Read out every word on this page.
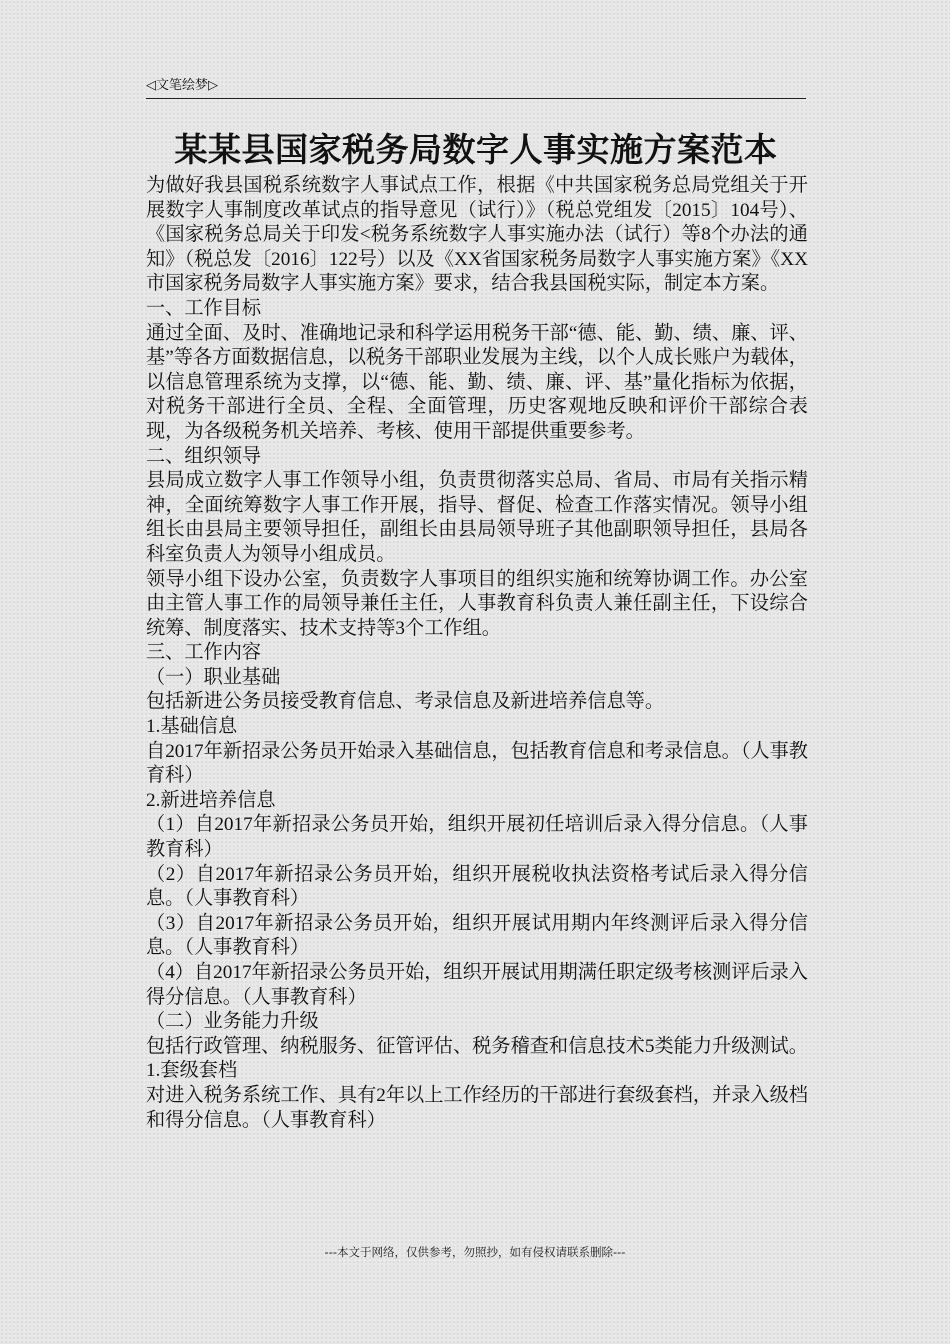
◁文笔绘梦▷
某某县国家税务局数字人事实施方案范本

为做好我县国税系统数字人事试点工作，根据《中共国家税务总局党组关于开展数字人事制度改革试点的指导意见（试行）》（税总党组发〔2015〕104号）、《国家税务总局关于印发<税务系统数字人事实施办法（试行）等8个办法的通知》（税总发〔2016〕122号）以及《XX省国家税务局数字人事实施方案》《XX市国家税务局数字人事实施方案》要求，结合我县国税实际，制定本方案。

一、工作目标

通过全面、及时、准确地记录和科学运用税务干部“德、能、勤、绩、廉、评、基”等各方面数据信息，以税务干部职业发展为主线，以个人成长账户为载体，以信息管理系统为支撑，以“德、能、勤、绩、廉、评、基”量化指标为依据，对税务干部进行全员、全程、全面管理，历史客观地反映和评价干部综合表现，为各级税务机关培养、考核、使用干部提供重要参考。

二、组织领导

县局成立数字人事工作领导小组，负责贯彻落实总局、省局、市局有关指示精神，全面统筹数字人事工作开展，指导、督促、检查工作落实情况。领导小组组长由县局主要领导担任，副组长由县局领导班子其他副职领导担任，县局各科室负责人为领导小组成员。

领导小组下设办公室，负责数字人事项目的组织实施和统筹协调工作。办公室由主管人事工作的局领导兼任主任，人事教育科负责人兼任副主任，下设综合统筹、制度落实、技术支持等3个工作组。

三、工作内容

（一）职业基础

包括新进公务员接受教育信息、考录信息及新进培养信息等。

1.基础信息

自2017年新招录公务员开始录入基础信息，包括教育信息和考录信息。（人事教育科）

2.新进培养信息

（1）自2017年新招录公务员开始，组织开展初任培训后录入得分信息。（人事教育科）

（2）自2017年新招录公务员开始，组织开展税收执法资格考试后录入得分信息。（人事教育科）

（3）自2017年新招录公务员开始，组织开展试用期内年终测评后录入得分信息。（人事教育科）

（4）自2017年新招录公务员开始，组织开展试用期满任职定级考核测评后录入得分信息。（人事教育科）

（二）业务能力升级

包括行政管理、纳税服务、征管评估、税务稽查和信息技术5类能力升级测试。

1.套级套档

对进入税务系统工作、具有2年以上工作经历的干部进行套级套档，并录入级档和得分信息。（人事教育科）

---本文于网络，仅供参考，勿照抄，如有侵权请联系删除---
